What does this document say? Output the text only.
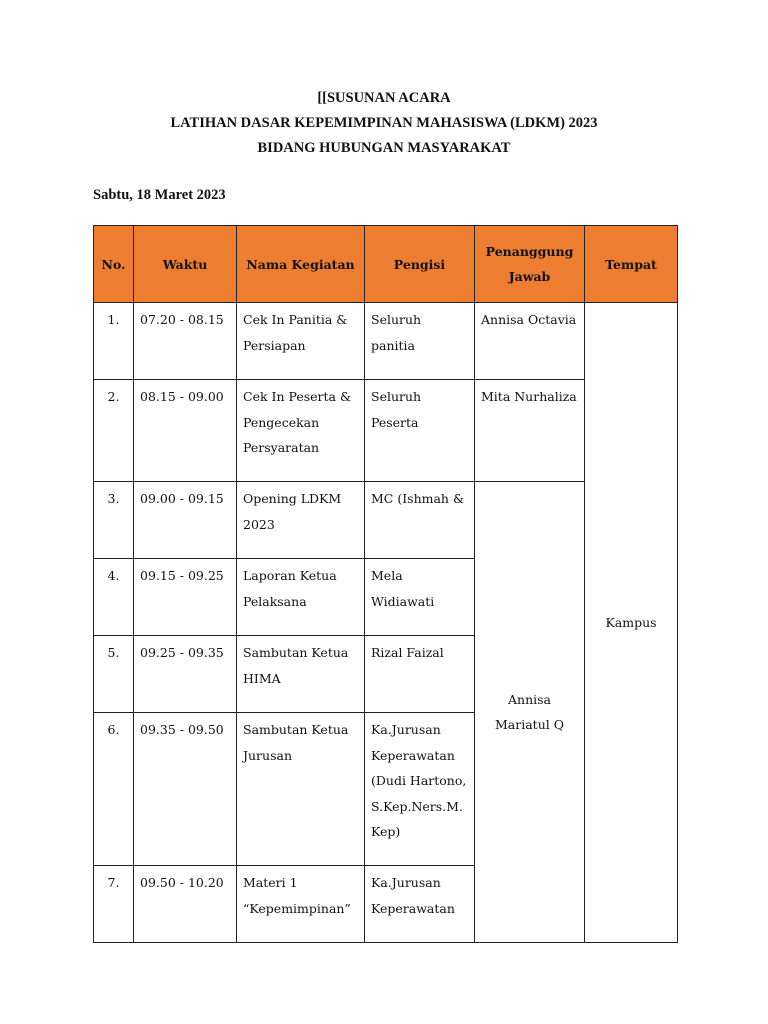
[[SUSUNAN ACARA
LATIHAN DASAR KEPEMIMPINAN MAHASISWA (LDKM) 2023
BIDANG HUBUNGAN MASYARAKAT
Sabtu, 18 Maret 2023
No.	Waktu	Nama Kegiatan	Pengisi	Penanggung Jawab	Tempat

1.	07.20 - 08.15	Cek In Panitia & Persiapan	Seluruh panitia	Annisa Octavia	Kampus

2.	08.15 - 09.00	Cek In Peserta & Pengecekan Persyaratan	Seluruh Peserta	Mita Nurhaliza	

3.	09.00 - 09.15	Opening LDKM 2023	MC (Ishmah &	Annisa Mariatul Q	

4.	09.15 - 09.25	Laporan Ketua Pelaksana	Mela Widiawati		

5.	09.25 - 09.35	Sambutan Ketua HIMA	Rizal Faizal		

6.	09.35 - 09.50	Sambutan Ketua Jurusan	Ka.Jurusan Keperawatan (Dudi Hartono, S.Kep.Ners.M. Kep)		

7.	09.50 - 10.20	Materi 1 “Kepemimpinan”	Ka.Jurusan Keperawatan		
